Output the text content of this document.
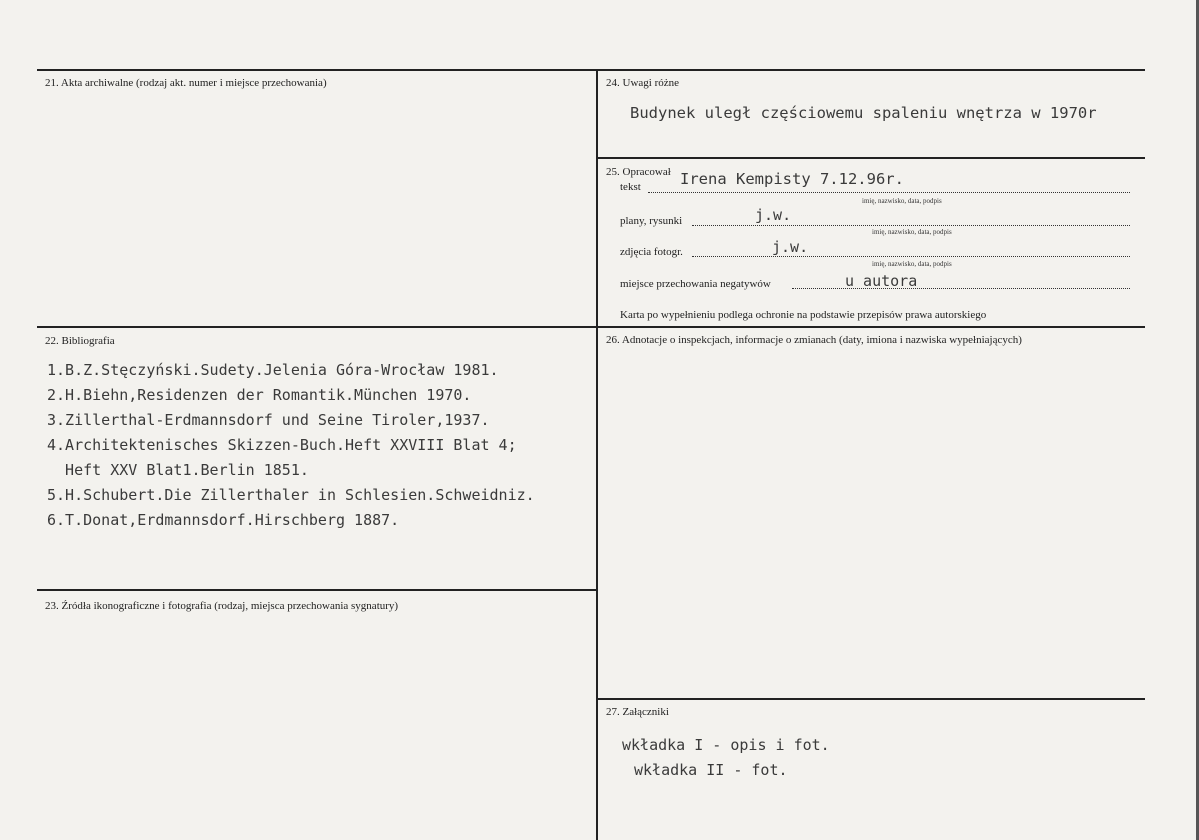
21. Akta archiwalne (rodzaj akt. numer i miejsce przechowania)
22. Bibliografia
1.B.Z.Stęczyński.Sudety.Jelenia Góra-Wrocław 1981.
2.H.Biehn,Residenzen der Romantik.München 1970.
3.Zillerthal-Erdmannsdorf und Seine Tiroler,1937.
4.Architektenisches Skizzen-Buch.Heft XXVIII Blat 4;
Heft XXV Blat1.Berlin 1851.
5.H.Schubert.Die Zillerthaler in Schlesien.Schweidniz.
6.T.Donat,Erdmannsdorf.Hirschberg 1887.
23. Źródła ikonograficzne i fotografia (rodzaj, miejsca przechowania sygnatury)
24. Uwagi różne
Budynek uległ częściowemu spaleniu wnętrza w 1970r
25. Opracował
tekst	Irena Kempisty 7.12.96r.
imię, nazwisko, data, podpis
plany, rysunki	j.w.
imię, nazwisko, data, podpis
zdjęcia fotogr.	j.w.
imię, nazwisko, data, podpis
miejsce przechowania negatywów	u autora
Karta po wypełnieniu podlega ochronie na podstawie przepisów prawa autorskiego
26. Adnotacje o inspekcjach, informacje o zmianach (daty, imiona i nazwiska wypełniających)
27. Załączniki
wkładka I - opis i fot.
wkładka II - fot.
